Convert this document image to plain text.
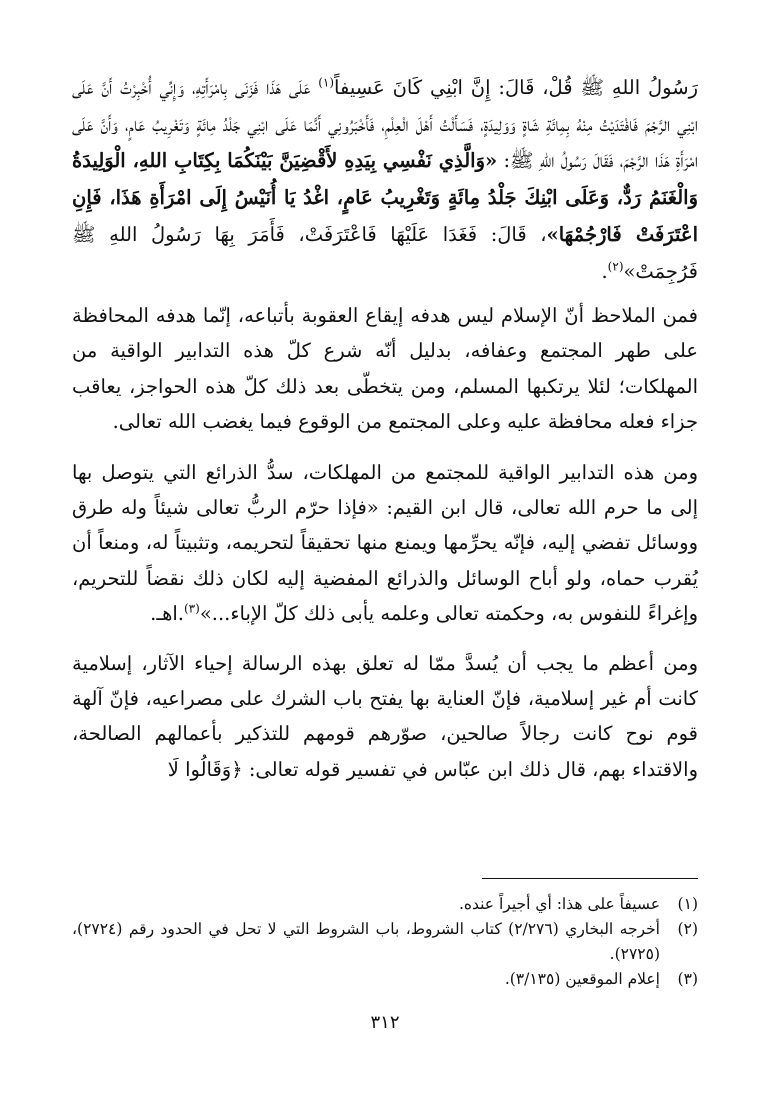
رَسُولُ اللهِ ﷺ قُلْ، قَالَ: إِنَّ ابْنِي كَانَ عَسِيفاً$^{(١)}$ عَلَى هَذَا فَزَنَى بِامْرَأَتِهِ، وَإِنِّي أُخْبِرْتُ أَنَّ عَلَى ابْنِي الرَّجْمَ فَافْتَدَيْتُ مِنْهُ بِمِائَةِ شَاةٍ وَوَلِيدَةٍ، فَسَأَلْتُ أَهْلَ الْعِلْمِ، فَأَخْبَرُونِي أَنَّمَا عَلَى ابْنِي جَلْدُ مِائَةٍ وَتَغْرِيبُ عَامٍ، وَأَنَّ عَلَى امْرَأَةِ هَذَا الرَّجْمَ، فَقَالَ رَسُولُ اللهِ ﷺ: «وَالَّذِي نَفْسِي بِيَدِهِ لأَقْضِيَنَّ بَيْنَكُمَا بِكِتَابِ اللهِ، الْوَلِيدَةُ وَالْغَنَمُ رَدٌّ، وَعَلَى ابْنِكَ جَلْدُ مِائَةٍ وَتَغْرِيبُ عَامٍ، اغْدُ يَا أُنَيْسُ إِلَى امْرَأَةِ هَذَا، فَإِنِ اعْتَرَفَتْ فَارْجُمْهَا»، قَالَ: فَغَدَا عَلَيْهَا فَاعْتَرَفَتْ، فَأَمَرَ بِهَا رَسُولُ اللهِ ﷺ فَرُجِمَتْ»$^{(٢)}$.

فمن الملاحظ أنّ الإسلام ليس هدفه إيقاع العقوبة بأتباعه، إنّما هدفه المحافظة على طهر المجتمع وعفافه، بدليل أنّه شرع كلّ هذه التدابير الواقية من المهلكات؛ لئلا يرتكبها المسلم، ومن يتخطّى بعد ذلك كلّ هذه الحواجز، يعاقب جزاء فعله محافظة عليه وعلى المجتمع من الوقوع فيما يغضب الله تعالى.

ومن هذه التدابير الواقية للمجتمع من المهلكات، سدُّ الذرائع التي يتوصل بها إلى ما حرم الله تعالى، قال ابن القيم: «فإذا حرّم الربُّ تعالى شيئاً وله طرق ووسائل تفضي إليه، فإنّه يحرِّمها ويمنع منها تحقيقاً لتحريمه، وتثبيتاً له، ومنعاً أن يُقرب حماه، ولو أباح الوسائل والذرائع المفضية إليه لكان ذلك نقضاً للتحريم، وإغراءً للنفوس به، وحكمته تعالى وعلمه يأبى ذلك كلّ الإباء...»$^{(٣)}$.اهـ.

ومن أعظم ما يجب أن يُسدَّ ممّا له تعلق بهذه الرسالة إحياء الآثار، إسلامية كانت أم غير إسلامية، فإنّ العناية بها يفتح باب الشرك على مصراعيه، فإنّ آلهة قوم نوح كانت رجالاً صالحين، صوّرهم قومهم للتذكير بأعمالهم الصالحة، والاقتداء بهم، قال ذلك ابن عبّاس في تفسير قوله تعالى: ﴿وَقَالُوا لَا

(١)
عسيفاً على هذا: أي أجيراً عنده.
(٢)
أخرجه البخاري (٢/٢٧٦) كتاب الشروط، باب الشروط التي لا تحل في الحدود رقم (٢٧٢٤)، (٢٧٢٥).
(٣)
إعلام الموقعين (٣/١٣٥).
٣١٢
